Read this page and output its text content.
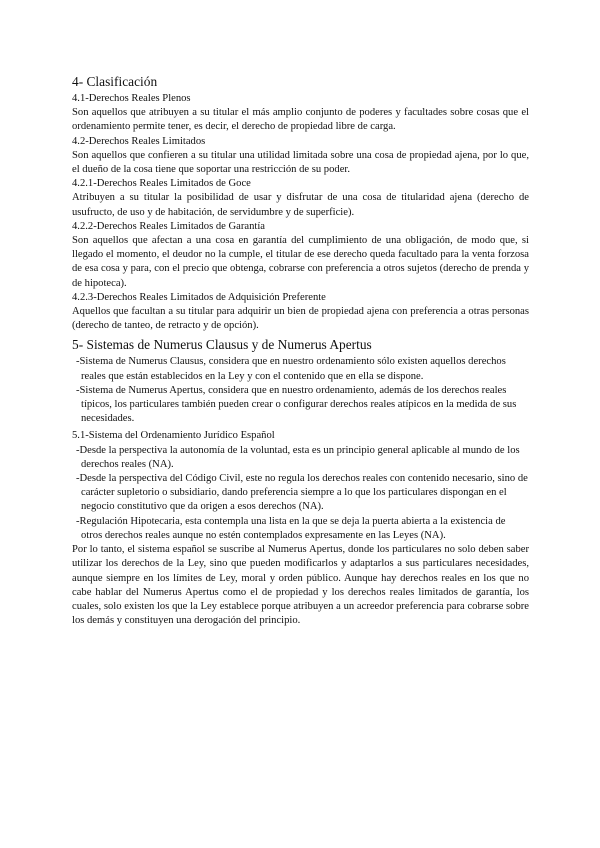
4- Clasificación
4.1-Derechos Reales Plenos

Son aquellos que atribuyen a su titular el más amplio conjunto de poderes y facultades sobre cosas que el ordenamiento permite tener, es decir, el derecho de propiedad libre de carga.

4.2-Derechos Reales Limitados

Son aquellos que confieren a su titular una utilidad limitada sobre una cosa de propiedad ajena, por lo que, el dueño de la cosa tiene que soportar una restricción de su poder.

4.2.1-Derechos Reales Limitados de Goce

Atribuyen a su titular la posibilidad de usar y disfrutar de una cosa de titularidad ajena (derecho de usufructo, de uso y de habitación, de servidumbre y de superficie).

4.2.2-Derechos Reales Limitados de Garantía

Son aquellos que afectan a una cosa en garantía del cumplimiento de una obligación, de modo que, si llegado el momento, el deudor no la cumple, el titular de ese derecho queda facultado para la venta forzosa de esa cosa y para, con el precio que obtenga, cobrarse con preferencia a otros sujetos (derecho de prenda y de hipoteca).

4.2.3-Derechos Reales Limitados de Adquisición Preferente

Aquellos que facultan a su titular para adquirir un bien de propiedad ajena con preferencia a otras personas (derecho de tanteo, de retracto y de opción).

5- Sistemas de Numerus Clausus y de Numerus Apertus

-Sistema de Numerus Clausus, considera que en nuestro ordenamiento sólo existen aquellos derechos reales que están establecidos en la Ley y con el contenido que en ella se dispone.

-Sistema de Numerus Apertus, considera que en nuestro ordenamiento, además de los derechos reales típicos, los particulares también pueden crear o configurar derechos reales atípicos en la medida de sus necesidades.

5.1-Sistema del Ordenamiento Jurídico Español

-Desde la perspectiva la autonomía de la voluntad, esta es un principio general aplicable al mundo de los derechos reales (NA).

-Desde la perspectiva del Código Civil, este no regula los derechos reales con contenido necesario, sino de carácter supletorio o subsidiario, dando preferencia siempre a lo que los particulares dispongan en el negocio constitutivo que da origen a esos derechos (NA).

-Regulación Hipotecaria, esta contempla una lista en la que se deja la puerta abierta a la existencia de otros derechos reales aunque no estén contemplados expresamente en las Leyes (NA).

Por lo tanto, el sistema español se suscribe al Numerus Apertus, donde los particulares no solo deben saber utilizar los derechos de la Ley, sino que pueden modificarlos y adaptarlos a sus particulares necesidades, aunque siempre en los límites de Ley, moral y orden público. Aunque hay derechos reales en los que no cabe hablar del Numerus Apertus como el de propiedad y los derechos reales limitados de garantía, los cuales, solo existen los que la Ley establece porque atribuyen a un acreedor preferencia para cobrarse sobre los demás y constituyen una derogación del principio.
